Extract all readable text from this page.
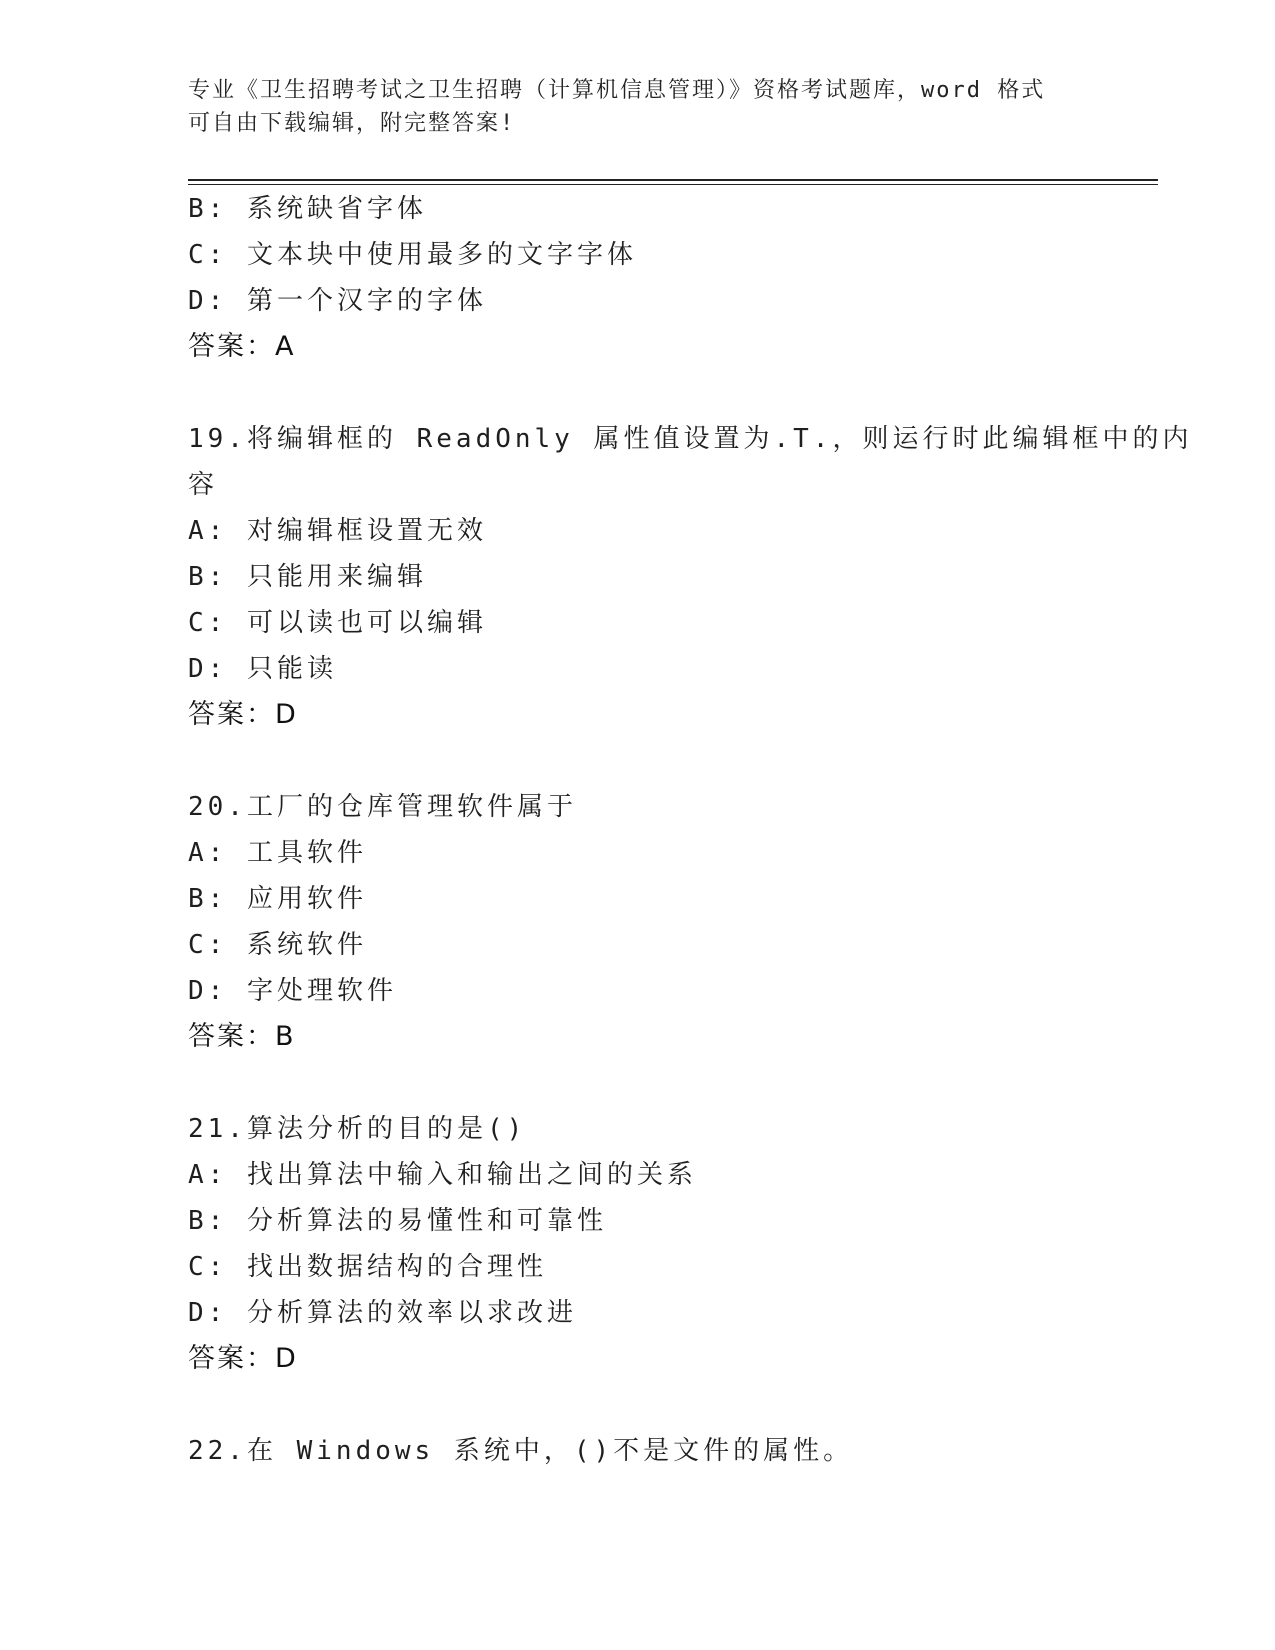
专业《卫生招聘考试之卫生招聘（计算机信息管理）》资格考试题库，word 格式
可自由下载编辑，附完整答案!
B: 系统缺省字体
C: 文本块中使用最多的文字字体
D: 第一个汉字的字体
答案：A
19.将编辑框的 ReadOnly 属性值设置为.T.，则运行时此编辑框中的内
容
A: 对编辑框设置无效
B: 只能用来编辑
C: 可以读也可以编辑
D: 只能读
答案：D
20.工厂的仓库管理软件属于
A: 工具软件
B: 应用软件
C: 系统软件
D: 字处理软件
答案：B
21.算法分析的目的是()
A: 找出算法中输入和输出之间的关系
B: 分析算法的易懂性和可靠性
C: 找出数据结构的合理性
D: 分析算法的效率以求改进
答案：D
22.在 Windows 系统中，()不是文件的属性。
